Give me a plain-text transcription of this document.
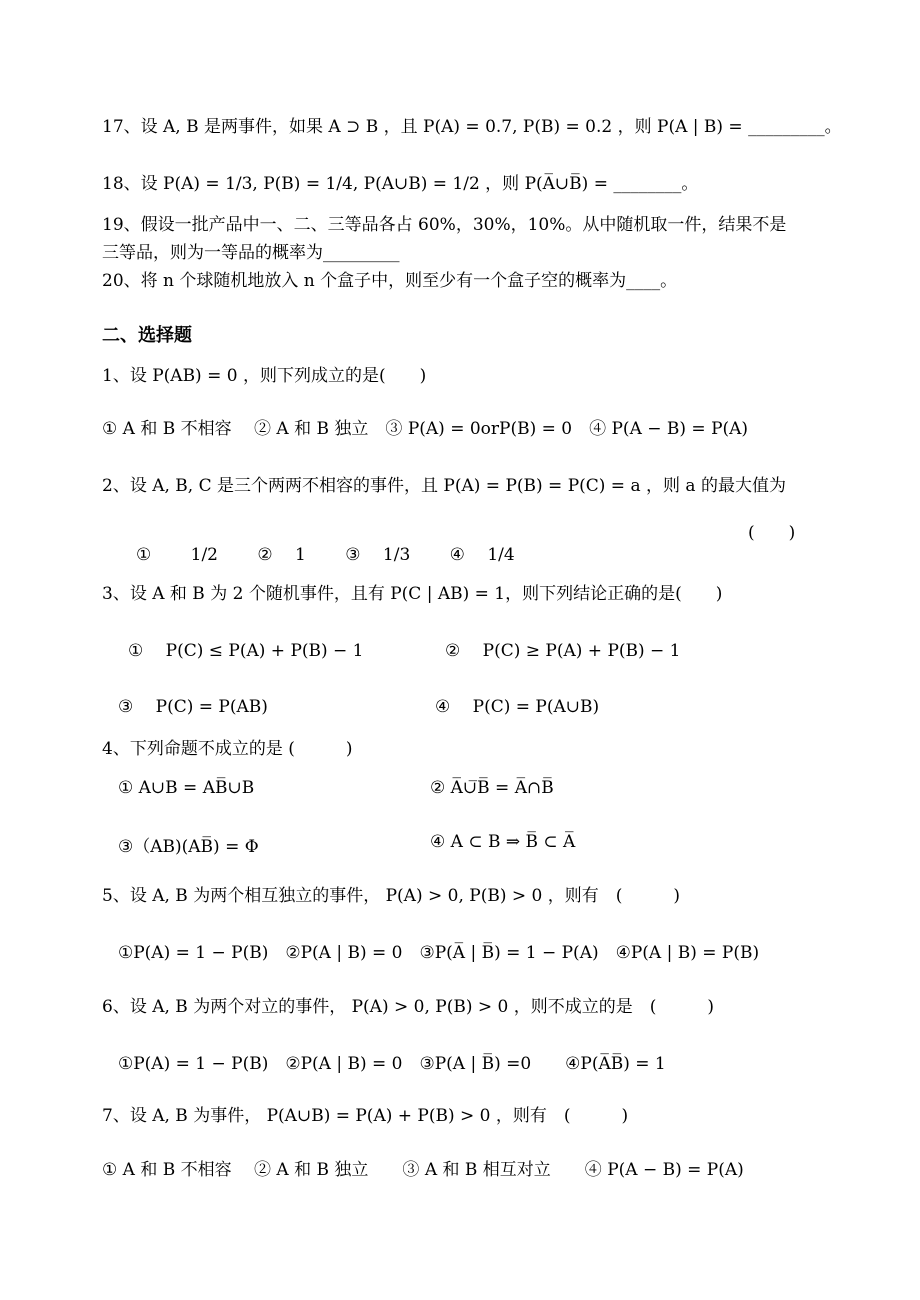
17、设 A, B 是两事件，如果 A ⊃ B ，且 P(A) = 0.7, P(B) = 0.2 ，则 P(A | B) = _________。
18、设 P(A) = 1/3, P(B) = 1/4, P(A∪B) = 1/2 ，则 P(A̅∪B̅) = ________。
19、假设一批产品中一、二、三等品各占 60%，30%，10%。从中随机取一件，结果不是
三等品，则为一等品的概率为_________
20、将 n 个球随机地放入 n 个盒子中，则至少有一个盒子空的概率为____。
二、选择题
1、设 P(AB) = 0 ，则下列成立的是(　　)
① A 和 B 不相容　 ② A 和 B 独立　③ P(A) = 0orP(B) = 0　④ P(A − B) = P(A)
2、设 A, B, C 是三个两两不相容的事件，且 P(A) = P(B) = P(C) = a ，则 a 的最大值为
(　　)
①　　 1/2　　 ②　 1　　 ③　 1/3　　 ④　 1/4
3、设 A 和 B 为 2 个随机事件，且有 P(C | AB) = 1，则下列结论正确的是(　　)
①　 P(C) ≤ P(A) + P(B) − 1	②　 P(C) ≥ P(A) + P(B) − 1
③　 P(C) = P(AB)	④　 P(C) = P(A∪B)
4、下列命题不成立的是 (　　　)
① A∪B = AB̅∪B	② A̅∪̅B̅ = A̅∩B̅
③（AB)(AB̅) = Φ	④ A ⊂ B ⇒ B̅ ⊂ A̅
5、设 A, B 为两个相互独立的事件， P(A) > 0, P(B) > 0 ，则有　(　　　)
①P(A) = 1 − P(B)　②P(A | B) = 0　③P(A̅ | B̅) = 1 − P(A)　④P(A | B) = P(B)
6、设 A, B 为两个对立的事件， P(A) > 0, P(B) > 0 ，则不成立的是　(　　　)
①P(A) = 1 − P(B)　②P(A | B) = 0　③P(A | B̅) =0　　④P(A̅B̅) = 1
7、设 A, B 为事件， P(A∪B) = P(A) + P(B) > 0 ，则有　(　　　)
① A 和 B 不相容　 ② A 和 B 独立　　③ A 和 B 相互对立　　④ P(A − B) = P(A)
